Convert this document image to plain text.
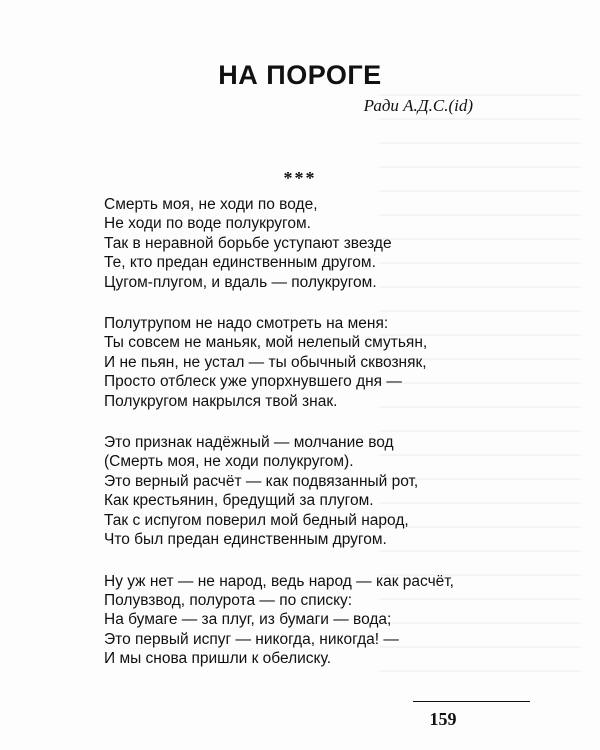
НА ПОРОГЕ
Ради А.Д.С.(id)
***
Смерть моя, не ходи по воде,
Не ходи по воде полукругом.
Так в неравной борьбе уступают звезде
Те, кто предан единственным другом.
Цугом-плугом, и вдаль — полукругом.
Полутрупом не надо смотреть на меня:
Ты совсем не маньяк, мой нелепый смутьян,
И не пьян, не устал — ты обычный сквозняк,
Просто отблеск уже упорхнувшего дня —
Полукругом накрылся твой знак.
Это признак надёжный — молчание вод
(Смерть моя, не ходи полукругом).
Это верный расчёт — как подвязанный рот,
Как крестьянин, бредущий за плугом.
Так с испугом поверил мой бедный народ,
Что был предан единственным другом.
Ну уж нет — не народ, ведь народ — как расчёт,
Полувзвод, полурота — по списку:
На бумаге — за плуг, из бумаги — вода;
Это первый испуг — никогда, никогда! —
И мы снова пришли к обелиску.
159
